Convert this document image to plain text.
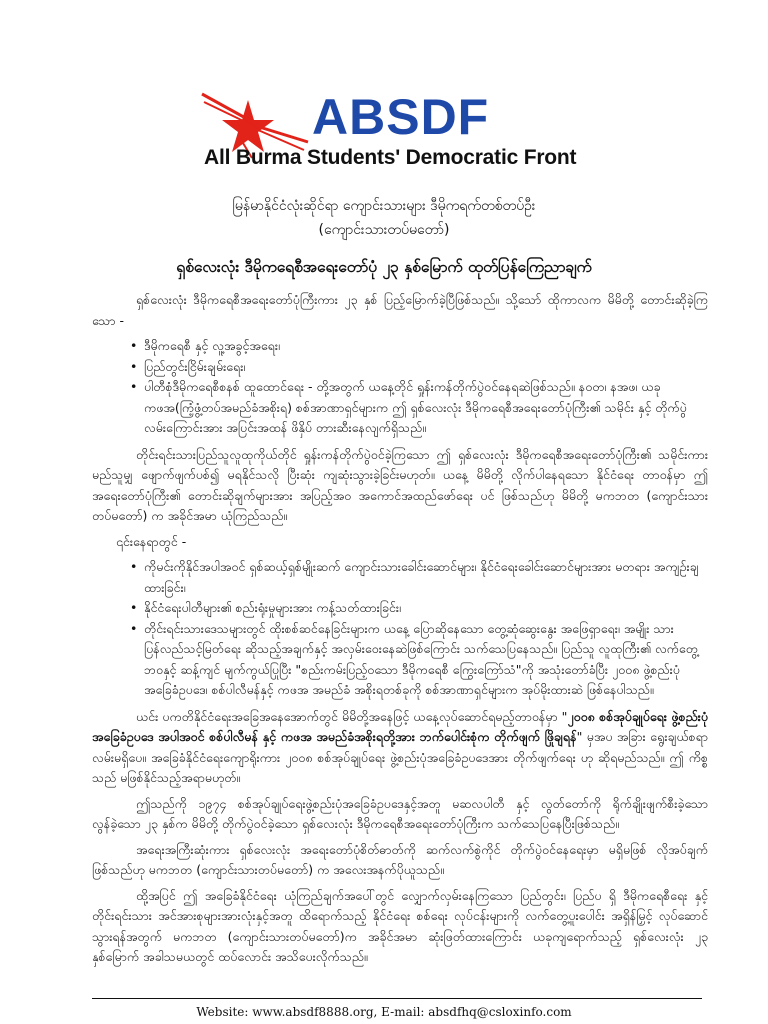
ABSDF
All Burma Students' Democratic Front
မြန်မာနိုင်ငံလုံးဆိုင်ရာ ကျောင်းသားများ ဒီမိုကရက်တစ်တပ်ဦး
(ကျောင်းသားတပ်မတော်)
ရှစ်လေးလုံး ဒီမိုကရေစီအရေးတော်ပုံ ၂၃ နှစ်မြောက် ထုတ်ပြန်ကြေညာချက်

ရှစ်လေးလုံး ဒီမိုကရေစီအရေးတော်ပုံကြီးကား ၂၃ နှစ် ပြည့်မြောက်ခဲ့ပြီဖြစ်သည်။ သို့သော် ထိုကာလက မိမိတို့ တောင်းဆိုခဲ့ကြသော -

• ဒီမိုကရေစီ နှင့် လူ့အခွင့်အရေး၊
• ပြည်တွင်းငြိမ်းချမ်းရေး၊
• ပါတီစုံဒီမိုကရေစီစနစ် ထူထောင်ရေး - တို့အတွက် ယနေ့တိုင် ရှုန်းကန်တိုက်ပွဲဝင်နေရဆဲဖြစ်သည်။ နဝတ၊ နအဖ၊ ယခု ကဖအ(ကြံ့ဖွံ့တပ်အမည်ခံအစိုးရ) စစ်အာဏာရှင်များက ဤ ရှစ်လေးလုံး ဒီမိုကရေစီအရေးတော်ပုံကြီး၏ သမိုင်း နှင့် တိုက်ပွဲ လမ်းကြောင်းအား အပြင်းအထန် ဖိနှိပ် တားဆီးနေလျက်ရှိသည်။

တိုင်းရင်းသားပြည်သူလူထုကိုယ်တိုင် ရှုန်းကန်တိုက်ပွဲဝင်ခဲ့ကြသော ဤ ရှစ်လေးလုံး ဒီမိုကရေစီအရေးတော်ပုံကြီး၏ သမိုင်းကား မည်သူမျှ ဖျောက်ဖျက်ပစ်၍ မရနိုင်သလို ပြီးဆုံး ကျဆုံးသွားခဲ့ခြင်းမဟုတ်။ ယနေ့ မိမိတို့ လိုက်ပါနေရသော နိုင်ငံရေး တာဝန်မှာ ဤ အရေးတော်ပုံကြီး၏ တောင်းဆိုချက်များအား အပြည့်အဝ အကောင်အထည်ဖော်ရေး ပင် ဖြစ်သည်ဟု မိမိတို့ မကဘတ (ကျောင်းသားတပ်မတော်) က အခိုင်အမာ ယုံကြည်သည်။

၎င်းနေရာတွင် -

• ကိုမင်းကိုနိုင်အပါအဝင် ရှစ်ဆယ့်ရှစ်မျိုးဆက် ကျောင်းသားခေါင်းဆောင်များ၊ နိုင်ငံရေးခေါင်းဆောင်များအား မတရား အကျဉ်းချထားခြင်း၊
• နိုင်ငံရေးပါတီများ၏ စည်းရုံးမှုများအား ကန့်သတ်ထားခြင်း၊
• တိုင်းရင်းသားဒေသများတွင် ထိုးစစ်ဆင်နေခြင်းများက ယနေ့ ပြောဆိုနေသော တွေ့ဆုံဆွေးနွေး အဖြေရှာရေး၊ အမျိုး သားပြန်လည်သင့်မြတ်ရေး ဆိုသည့်အချက်နှင့် အလှမ်းဝေးနေဆဲဖြစ်ကြောင်း သက်သေပြနေသည်။ ပြည်သူ လူထုကြီး၏ လက်တွေ့ဘဝနှင့် ဆန့်ကျင် မျက်ကွယ်ပြုပြီး "စည်းကမ်းပြည့်ဝသော ဒီမိုကရေစီ ကြွေးကြော်သံ"ကို အသုံးတော်ခံပြီး ၂၀၀၈ ဖွဲ့စည်းပုံ အခြေခံဥပဒေ၊ စစ်ပါလီမန်နှင့် ကဖအ အမည်ခံ အစိုးရတစ်ခုကို စစ်အာဏာရှင်များက အုပ်မိုးထားဆဲ ဖြစ်နေပါသည်။

ယင်း ပကတိနိုင်ငံရေးအခြေအနေအောက်တွင် မိမိတို့အနေဖြင့် ယနေ့လုပ်ဆောင်ရမည့်တာဝန်မှာ "၂၀၀၈ စစ်အုပ်ချုပ်ရေး ဖွဲ့စည်းပုံအခြေခံဥပဒေ အပါအဝင် စစ်ပါလီမန် နှင့် ကဖအ အမည်ခံအစိုးရတို့အား ဘက်ပေါင်းစုံက တိုက်ဖျက် ဖြိုချရန်" မှအပ အခြား ရွေးချယ်စရာ လမ်းမရှိပေ။ အခြေခံနိုင်ငံရေးကျောရိုးကား ၂၀၀၈ စစ်အုပ်ချုပ်ရေး ဖွဲ့စည်းပုံအခြေခံဥပဒေအား တိုက်ဖျက်ရေး ဟု ဆိုရမည်သည်။ ဤ ကိစ္စသည် မဖြစ်နိုင်သည့်အရာမဟုတ်။

ဤသည်ကို ၁၉၇၄ စစ်အုပ်ချုပ်ရေးဖွဲ့စည်းပုံအခြေခံဥပဒေနှင့်အတူ မဆလပါတီ နှင့် လွတ်တော်ကို ရိုက်ချိုးဖျက်စီးခဲ့သော လွန်ခဲ့သော ၂၃ နှစ်က မိမိတို့ တိုက်ပွဲဝင်ခဲ့သော ရှစ်လေးလုံး ဒီမိုကရေစီအရေးတော်ပုံကြီးက သက်သေပြနေပြီးဖြစ်သည်။

အရေးအကြီးဆုံးကား ရှစ်လေးလုံး အရေးတော်ပုံစိတ်ဓာတ်ကို ဆက်လက်စွဲကိုင် တိုက်ပွဲဝင်နေရေးမှာ မရှိမဖြစ် လိုအပ်ချက် ဖြစ်သည်ဟု မကဘတ (ကျောင်းသားတပ်မတော်) က အလေးအနက်ပိုယူသည်။

ထို့အပြင် ဤ အခြေခံနိုင်ငံရေး ယုံကြည်ချက်အပေါ်တွင် လျှောက်လှမ်းနေကြသော ပြည်တွင်း၊ ပြည်ပ ရှိ ဒီမိုကရေစီရေး နှင့် တိုင်းရင်းသား အင်အားစုများအားလုံးနှင့်အတူ ထိရောက်သည့် နိုင်ငံရေး စစ်ရေး လုပ်ငန်းများကို လက်တွေ့ပူးပေါင်း အရှိန်မြှင့် လုပ်ဆောင်သွားရန်အတွက် မကဘတ (ကျောင်းသားတပ်မတော်)က အခိုင်အမာ ဆုံးဖြတ်ထားကြောင်း ယခုကျရောက်သည့် ရှစ်လေးလုံး ၂၃ နှစ်မြောက် အခါသမယတွင် ထပ်လောင်း အသိပေးလိုက်သည်။

Website: www.absdf8888.org, E-mail: absdfhq@csloxinfo.com
